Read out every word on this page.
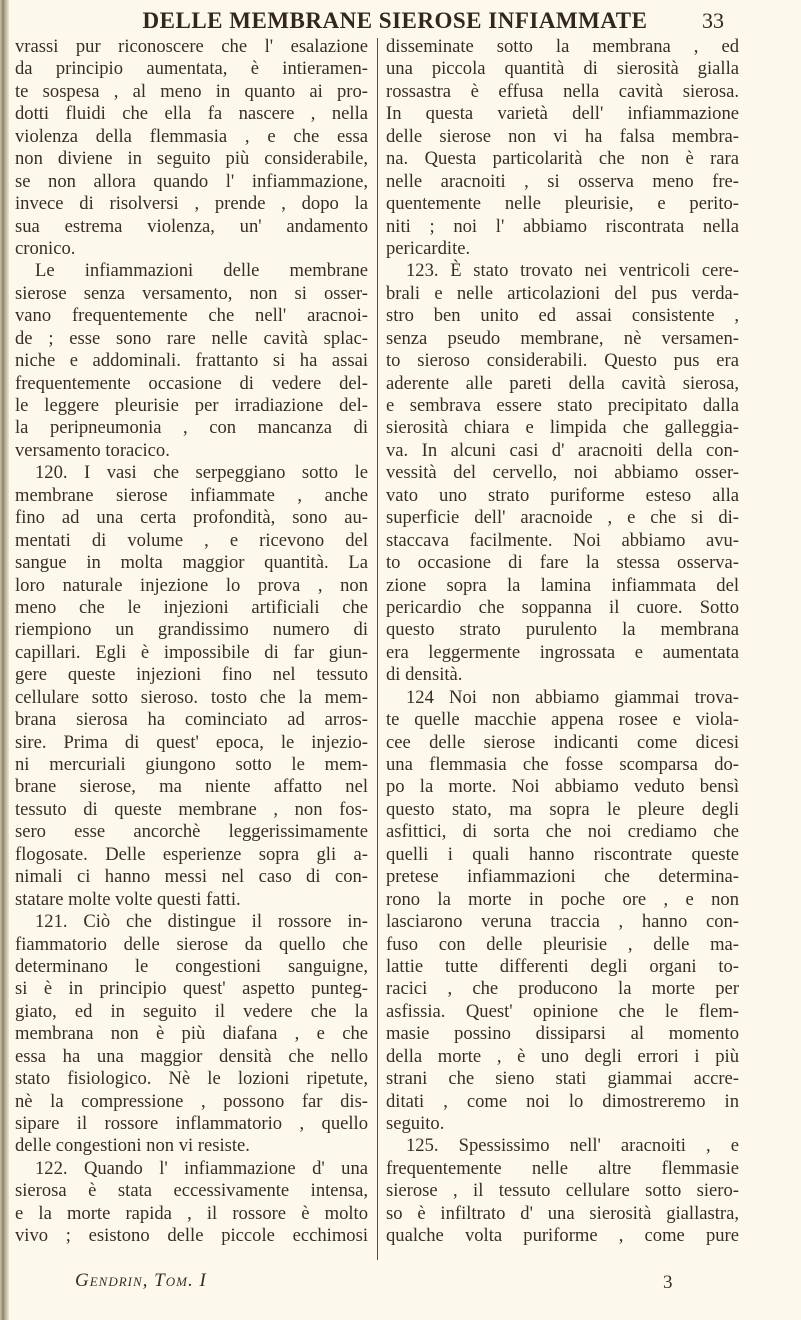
DELLE MEMBRANE SIEROSE INFIAMMATE	33
vrassi pur riconoscere che l' esalazione
da principio aumentata, è intieramen-
te sospesa , al meno in quanto ai pro-
dotti fluidi che ella fa nascere , nella
violenza della flemmasia , e che essa
non diviene in seguito più considerabile,
se non allora quando l' infiammazione,
invece di risolversi , prende , dopo la
sua estrema violenza, un' andamento
cronico.
Le infiammazioni delle membrane
sierose senza versamento, non si osser-
vano frequentemente che nell' aracnoi-
de ; esse sono rare nelle cavità splac-
niche e addominali. frattanto si ha assai
frequentemente occasione di vedere del-
le leggere pleurisie per irradiazione del-
la peripneumonia , con mancanza di
versamento toracico.
120. I vasi che serpeggiano sotto le
membrane sierose infiammate , anche
fino ad una certa profondità, sono au-
mentati di volume , e ricevono del
sangue in molta maggior quantità. La
loro naturale injezione lo prova , non
meno che le injezioni artificiali che
riempiono un grandissimo numero di
capillari. Egli è impossibile di far giun-
gere queste injezioni fino nel tessuto
cellulare sotto sieroso. tosto che la mem-
brana sierosa ha cominciato ad arros-
sire. Prima di quest' epoca, le injezio-
ni mercuriali giungono sotto le mem-
brane sierose, ma niente affatto nel
tessuto di queste membrane , non fos-
sero esse ancorchè leggerissimamente
flogosate. Delle esperienze sopra gli a-
nimali ci hanno messi nel caso di con-
statare molte volte questi fatti.
121. Ciò che distingue il rossore in-
fiammatorio delle sierose da quello che
determinano le congestioni sanguigne,
si è in principio quest' aspetto punteg-
giato, ed in seguito il vedere che la
membrana non è più diafana , e che
essa ha una maggior densità che nello
stato fisiologico. Nè le lozioni ripetute,
nè la compressione , possono far dis-
sipare il rossore inflammatorio , quello
delle congestioni non vi resiste.
122. Quando l' infiammazione d' una
sierosa è stata eccessivamente intensa,
e la morte rapida , il rossore è molto
vivo ; esistono delle piccole ecchimosi
disseminate sotto la membrana , ed
una piccola quantità di sierosità gialla
rossastra è effusa nella cavità sierosa.
In questa varietà dell' infiammazione
delle sierose non vi ha falsa membra-
na. Questa particolarità che non è rara
nelle aracnoiti , si osserva meno fre-
quentemente nelle pleurisie, e perito-
niti ; noi l' abbiamo riscontrata nella
pericardite.
123. È stato trovato nei ventricoli cere-
brali e nelle articolazioni del pus verda-
stro ben unito ed assai consistente ,
senza pseudo membrane, nè versamen-
to sieroso considerabili. Questo pus era
aderente alle pareti della cavità sierosa,
e sembrava essere stato precipitato dalla
sierosità chiara e limpida che galleggia-
va. In alcuni casi d' aracnoiti della con-
vessità del cervello, noi abbiamo osser-
vato uno strato puriforme esteso alla
superficie dell' aracnoide , e che si di-
staccava facilmente. Noi abbiamo avu-
to occasione di fare la stessa osserva-
zione sopra la lamina infiammata del
pericardio che soppanna il cuore. Sotto
questo strato purulento la membrana
era leggermente ingrossata e aumentata
di densità.
124 Noi non abbiamo giammai trova-
te quelle macchie appena rosee e viola-
cee delle sierose indicanti come dicesi
una flemmasia che fosse scomparsa do-
po la morte. Noi abbiamo veduto bensì
questo stato, ma sopra le pleure degli
asfittici, di sorta che noi crediamo che
quelli i quali hanno riscontrate queste
pretese infiammazioni che determina-
rono la morte in poche ore , e non
lasciarono veruna traccia , hanno con-
fuso con delle pleurisie , delle ma-
lattie tutte differenti degli organi to-
racici , che producono la morte per
asfissia. Quest' opinione che le flem-
masie possino dissiparsi al momento
della morte , è uno degli errori i più
strani che sieno stati giammai accre-
ditati , come noi lo dimostreremo in
seguito.
125. Spessissimo nell' aracnoiti , e
frequentemente nelle altre flemmasie
sierose , il tessuto cellulare sotto siero-
so è infiltrato d' una sierosità giallastra,
qualche volta puriforme , come pure
Gendrin, Tom. I	3
